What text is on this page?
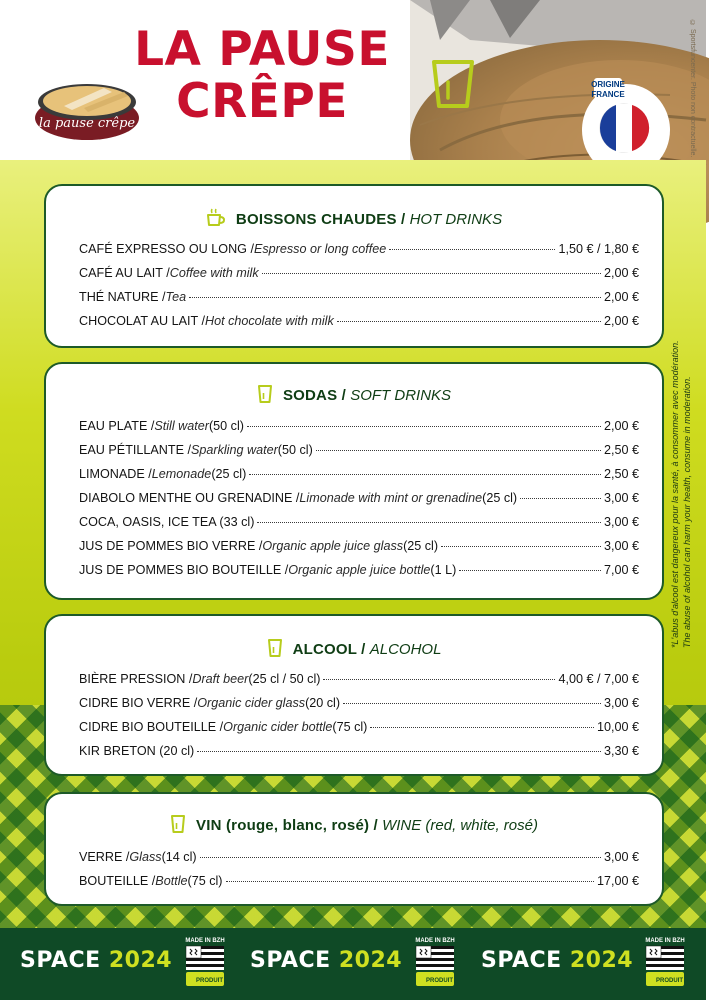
LA PAUSE
CRÊPE
la pause crêpe
ORIGINE
FRANCE	© Sportsfuncenter. Photo non contractuelle.
*L'abus d'alcool est dangereux pour la santé, à consommer avec modération. The abuse of alcohol can harm your health, consume in moderation.
BOISSONS CHAUDES / HOT DRINKS
CAFÉ EXPRESSO OU LONG / Espresso or long coffee	1,50 € / 1,80 €
CAFÉ AU LAIT / Coffee with milk	2,00 €
THÉ NATURE / Tea	2,00 €
CHOCOLAT AU LAIT / Hot chocolate with milk	2,00 €
SODAS / SOFT DRINKS
EAU PLATE / Still water (50 cl)	2,00 €
EAU PÉTILLANTE / Sparkling water (50 cl)	2,50 €
LIMONADE / Lemonade (25 cl)	2,50 €
DIABOLO MENTHE OU GRENADINE / Limonade with mint or grenadine (25 cl)	3,00 €
COCA, OASIS, ICE TEA (33 cl)	3,00 €
JUS DE POMMES BIO VERRE / Organic apple juice glass (25 cl)	3,00 €
JUS DE POMMES BIO BOUTEILLE / Organic apple juice bottle (1 L)	7,00 €
ALCOOL / ALCOHOL
BIÈRE PRESSION / Draft beer (25 cl / 50 cl)	4,00 € / 7,00 €
CIDRE BIO VERRE / Organic cider glass (20 cl)	3,00 €
CIDRE BIO BOUTEILLE / Organic cider bottle (75 cl)	10,00 €
KIR BRETON (20 cl)	3,30 €
VIN (rouge, blanc, rosé) / WINE (red, white, rosé)
VERRE / Glass (14 cl)	3,00 €
BOUTEILLE / Bottle (75 cl)	17,00 €
SPACE 2024
PRODUIT
MADE IN BZH
SPACE 2024
PRODUIT
MADE IN BZH
SPACE 2024
PRODUIT
MADE IN BZH
